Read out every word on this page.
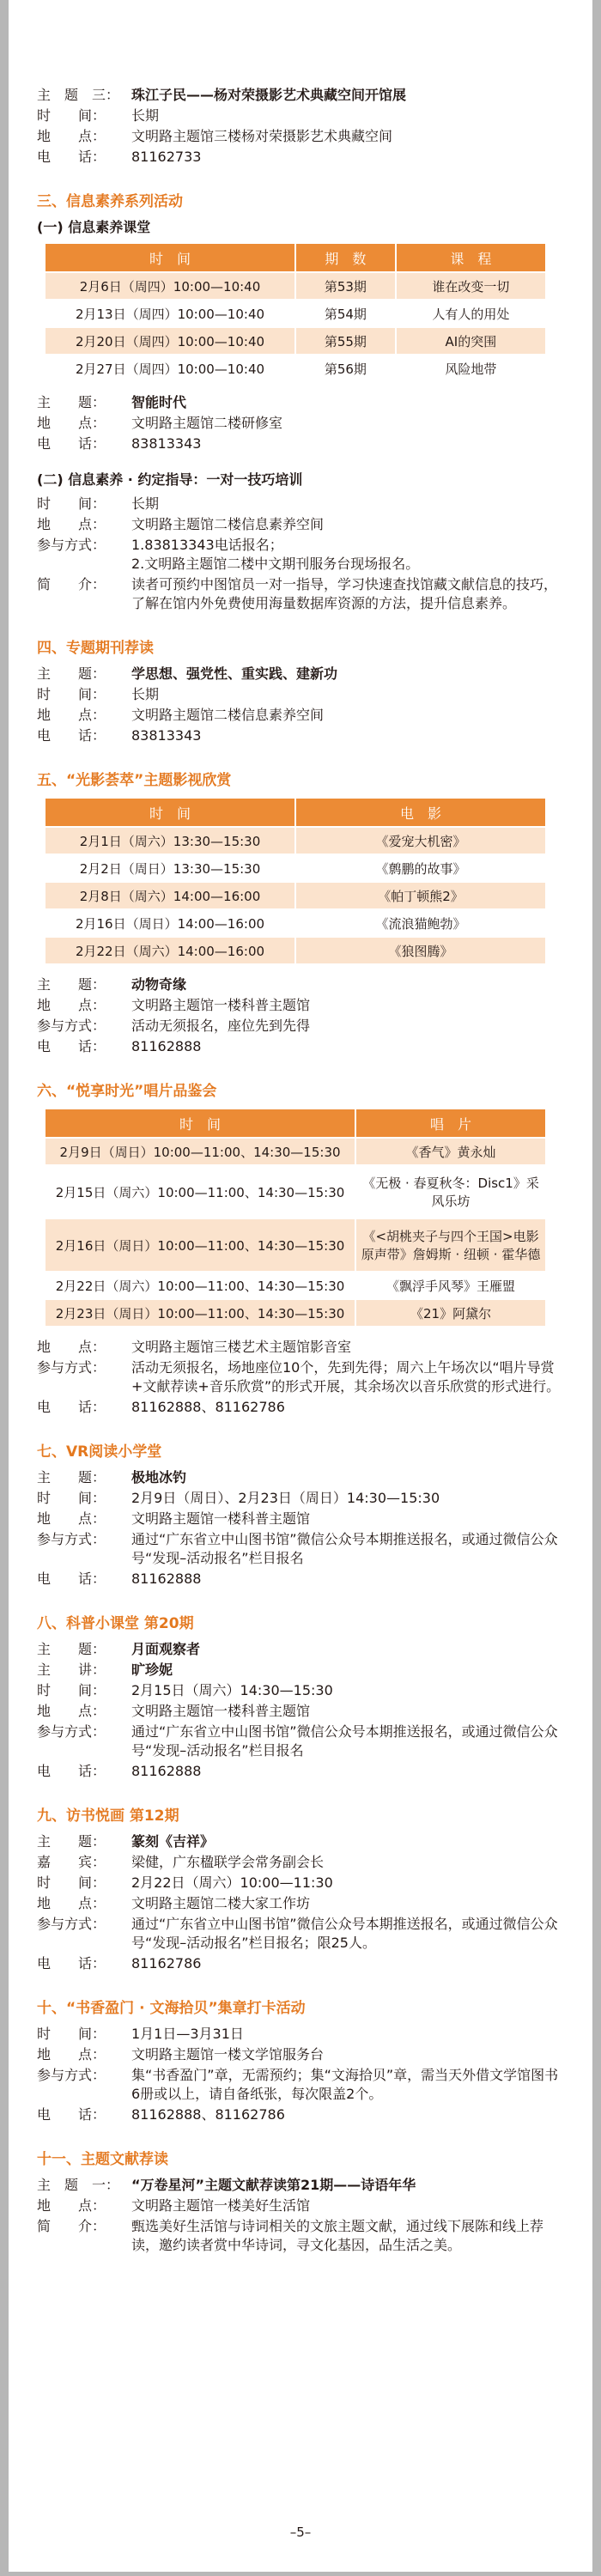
主　题　三： 珠江子民——杨对荣摄影艺术典藏空间开馆展
时　　间：	长期
地　　点：	文明路主题馆三楼杨对荣摄影艺术典藏空间
电　　话：	81162733
三、信息素养系列活动
(一) 信息素养课堂
时　间	期　数	课　程
2月6日（周四）10:00—10:40	第53期	谁在改变一切
2月13日（周四）10:00—10:40	第54期	人有人的用处
2月20日（周四）10:00—10:40	第55期	AI的突围
2月27日（周四）10:00—10:40	第56期	风险地带
主　　题：	智能时代
地　　点：	文明路主题馆二楼研修室
电　　话：	83813343
(二) 信息素养 · 约定指导：一对一技巧培训
时　　间：	长期
地　　点：	文明路主题馆二楼信息素养空间
参与方式：	1.83813343电话报名；
2.文明路主题馆二楼中文期刊服务台现场报名。
简　　介：	读者可预约中图馆员一对一指导，学习快速查找馆藏文献信息的技巧，了解在馆内外免费使用海量数据库资源的方法，提升信息素养。
四、专题期刊荐读
主　　题：	学思想、强党性、重实践、建新功
时　　间：	长期
地　　点：	文明路主题馆二楼信息素养空间
电　　话：	83813343
五、“光影荟萃”主题影视欣赏
时　间	电　影
2月1日（周六）13:30—15:30	《爱宠大机密》
2月2日（周日）13:30—15:30	《鹩鹏的故事》
2月8日（周六）14:00—16:00	《帕丁顿熊2》
2月16日（周日）14:00—16:00	《流浪猫鲍勃》
2月22日（周六）14:00—16:00	《狼图腾》
主　　题：	动物奇缘
地　　点：	文明路主题馆一楼科普主题馆
参与方式：	活动无须报名，座位先到先得
电　　话：	81162888
六、“悦享时光”唱片品鉴会
时　间	唱　片
2月9日（周日）10:00—11:00、14:30—15:30	《香气》黄永灿
2月15日（周六）10:00—11:00、14:30—15:30	《无极 · 春夏秋冬：Disc1》采风乐坊
2月16日（周日）10:00—11:00、14:30—15:30	《<胡桃夹子与四个王国>电影原声带》詹姆斯 · 纽顿 · 霍华德
2月22日（周六）10:00—11:00、14:30—15:30	《飘浮手风琴》王雁盟
2月23日（周日）10:00—11:00、14:30—15:30	《21》阿黛尔
地　　点：	文明路主题馆三楼艺术主题馆影音室
参与方式：	活动无须报名，场地座位10个，先到先得；周六上午场次以“唱片导赏+文献荐读+音乐欣赏”的形式开展，其余场次以音乐欣赏的形式进行。
电　　话：	81162888、81162786
七、VR阅读小学堂
主　　题：	极地冰钓
时　　间：	2月9日（周日）、2月23日（周日）14:30—15:30
地　　点：	文明路主题馆一楼科普主题馆
参与方式：	通过“广东省立中山图书馆”微信公众号本期推送报名，或通过微信公众号“发现–活动报名”栏目报名
电　　话：	81162888
八、科普小课堂 第20期
主　　题：	月面观察者
主　　讲：	旷珍妮
时　　间：	2月15日（周六）14:30—15:30
地　　点：	文明路主题馆一楼科普主题馆
参与方式：	通过“广东省立中山图书馆”微信公众号本期推送报名，或通过微信公众号“发现–活动报名”栏目报名
电　　话：	81162888
九、访书悦画 第12期
主　　题：	篆刻《吉祥》
嘉　　宾：	梁健，广东楹联学会常务副会长
时　　间：	2月22日（周六）10:00—11:30
地　　点：	文明路主题馆二楼大家工作坊
参与方式：	通过“广东省立中山图书馆”微信公众号本期推送报名，或通过微信公众号“发现–活动报名”栏目报名；限25人。
电　　话：	81162786
十、“书香盈门 · 文海拾贝”集章打卡活动
时　　间：	1月1日—3月31日
地　　点：	文明路主题馆一楼文学馆服务台
参与方式：	集“书香盈门”章，无需预约；集“文海拾贝”章，需当天外借文学馆图书6册或以上，请自备纸张，每次限盖2个。
电　　话：	81162888、81162786
十一、主题文献荐读
主　题　一： “万卷星河”主题文献荐读第21期——诗语年华
地　　点：	文明路主题馆一楼美好生活馆
简　　介：	甄选美好生活馆与诗词相关的文旅主题文献，通过线下展陈和线上荐读，邀约读者赏中华诗词，寻文化基因，品生活之美。
–5–
